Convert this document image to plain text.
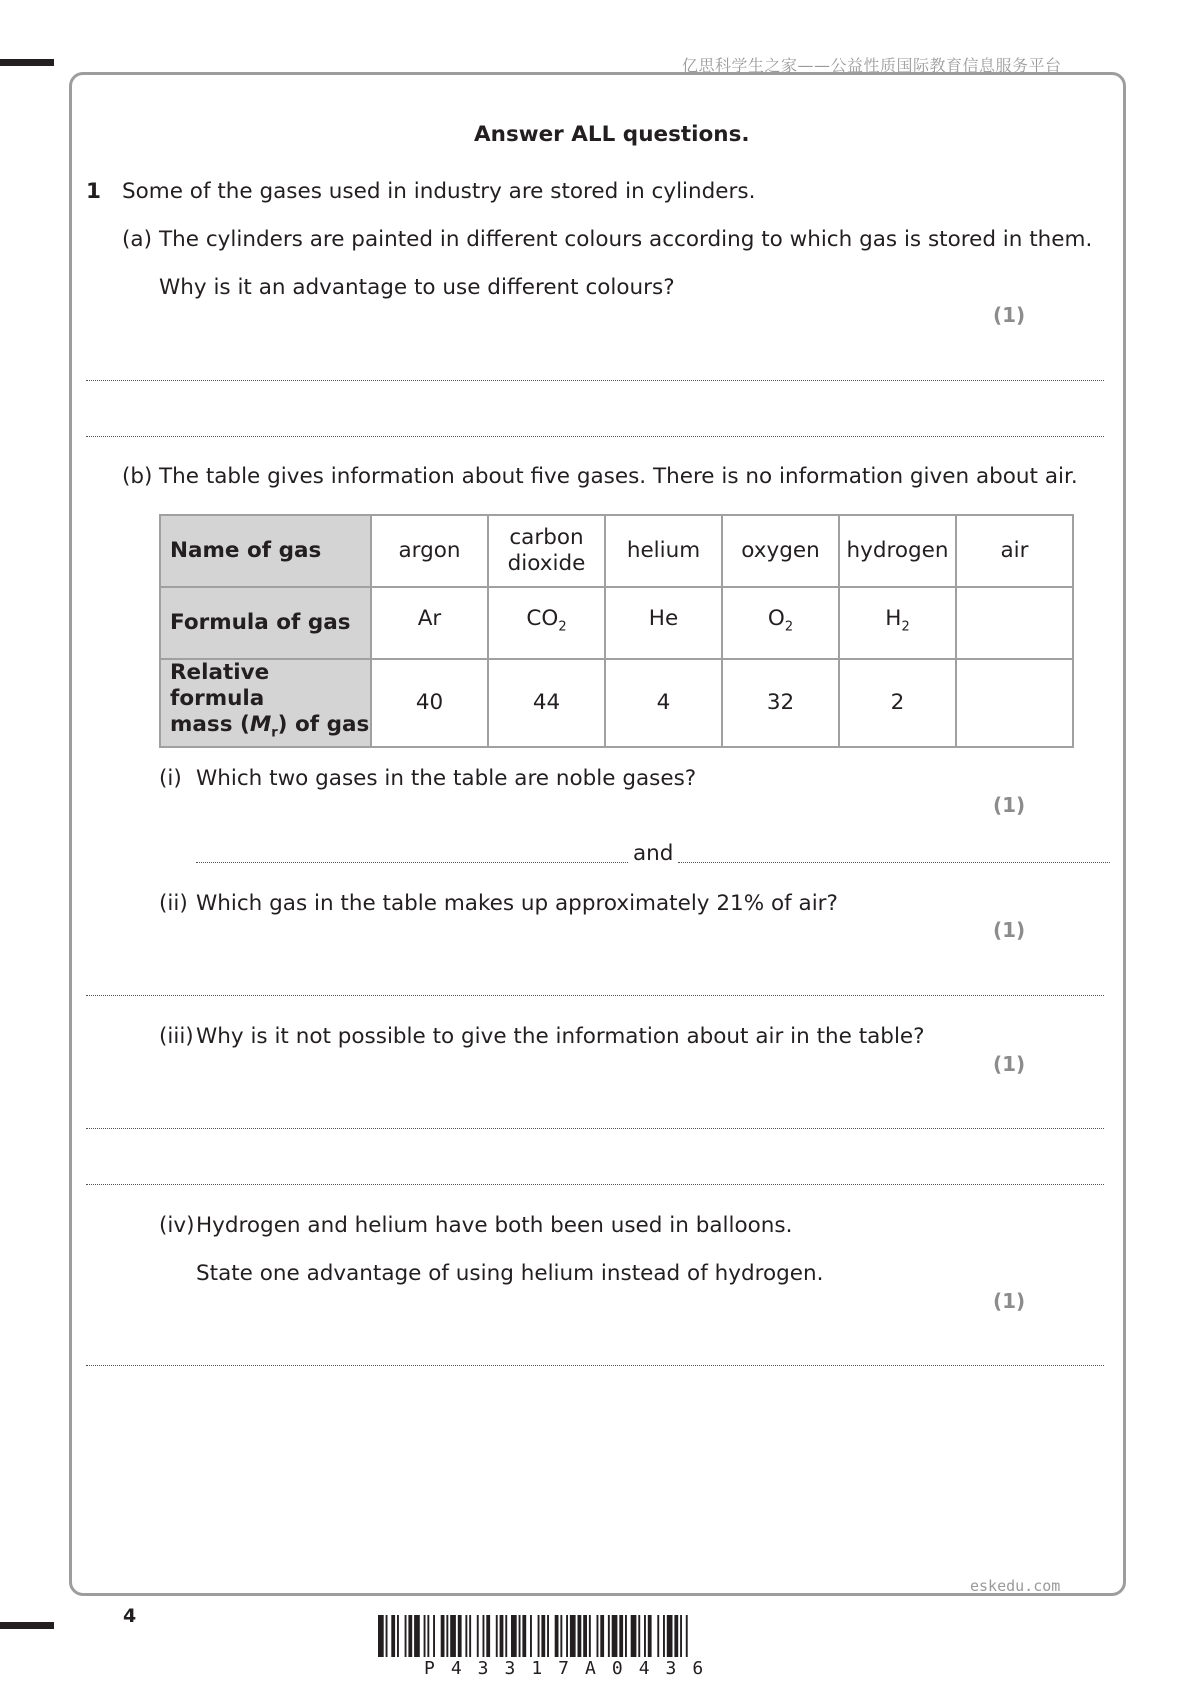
亿思科学生之家——公益性质国际教育信息服务平台
eskedu.com
Answer ALL questions.
1 Some of the gases used in industry are stored in cylinders.
(a) The cylinders are painted in different colours according to which gas is stored in them.
Why is it an advantage to use different colours?
(1)
(b) The table gives information about five gases. There is no information given about air.
Name of gas	argon	carbon dioxide	helium	oxygen	hydrogen	air
Formula of gas	Ar	$CO_2$	He	$O_2$	$H_2$	
Relative formula
mass $(M_r)$ of gas	40	44	4	32	2	
(i) Which two gases in the table are noble gases?
(1)
and
(ii) Which gas in the table makes up approximately 21% of air?
(1)
(iii) Why is it not possible to give the information about air in the table?
(1)
(iv) Hydrogen and helium have both been used in balloons.
State one advantage of using helium instead of hydrogen.
(1)
4
P43317A0436
